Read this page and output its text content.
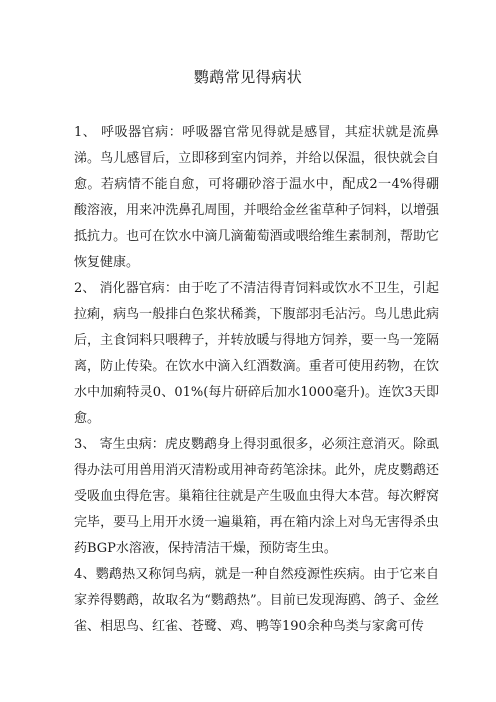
鹦鹉常见得病状

1、 呼吸器官病：呼吸器官常见得就是感冒，其症状就是流鼻涕。鸟儿感冒后，立即移到室内饲养，并给以保温，很快就会自愈。若病情不能自愈，可将硼砂溶于温水中，配成2一4%得硼酸溶液，用来冲洗鼻孔周围，并喂给金丝雀草种子饲料，以增强抵抗力。也可在饮水中滴几滴葡萄酒或喂给维生素制剂，帮助它恢复健康。

2、 消化器官病：由于吃了不清洁得青饲料或饮水不卫生，引起拉痢，病鸟一般排白色浆状稀粪，下腹部羽毛沾污。鸟儿患此病后，主食饲料只喂稗子，并转放暖与得地方饲养，要一鸟一笼隔离，防止传染。在饮水中滴入红酒数滴。重者可使用药物，在饮水中加痢特灵0、01%(每片研碎后加水1000毫升)。连饮3天即愈。

3、 寄生虫病：虎皮鹦鹉身上得羽虱很多，必须注意消灭。除虱得办法可用兽用消灭清粉或用神奇药笔涂抹。此外，虎皮鹦鹉还受吸血虫得危害。巢箱往往就是产生吸血虫得大本营。每次孵窝完毕，要马上用开水烫一遍巢箱，再在箱内涂上对鸟无害得杀虫药BGP水溶液，保持清洁干燥，预防寄生虫。

4、鹦鹉热又称饲鸟病，就是一种自然疫源性疾病。由于它来自家养得鹦鹉，故取名为“鹦鹉热”。目前已发现海鸥、鸽子、金丝雀、相思鸟、红雀、苍鹭、鸡、鸭等190余种鸟类与家禽可传
